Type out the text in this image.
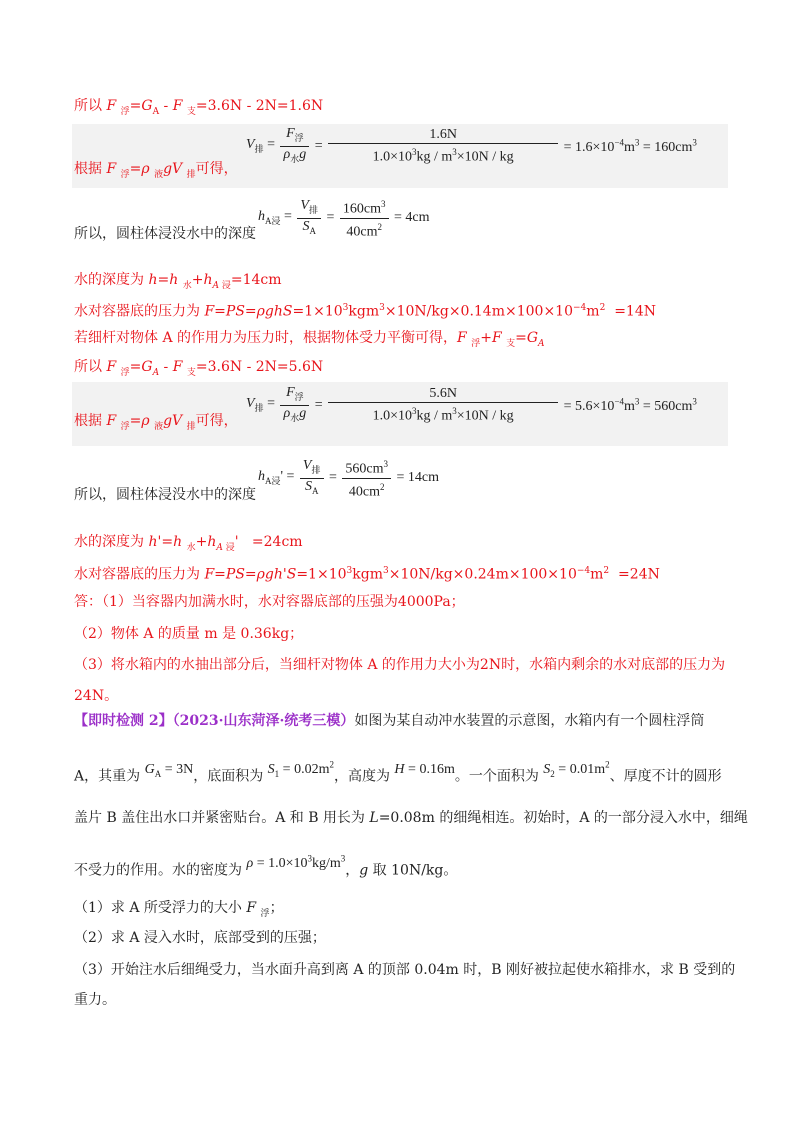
所以 F $_浮=G_A - F$ $_支$=3.6N - 2N=1.6N
根据 F $_浮$=ρ $_液$gV $_排$可得，
$V_排 = \frac{F_浮}{\rho_水g} = \frac{1.6N}{1.0\times 10^3kg / m^3\times 10N / kg} = 1.6\times 10^{-4}m^3 = 160cm^3$
所以，圆柱体浸没水中的深度
$h_{A浸} = \frac{V_排}{S_A} = \frac{160cm^3}{40cm^2} = 4cm$
水的深度为 h=h $_水+h_{A 浸}=14cm$
水对容器底的压力为 $F=PS=\rho ghS=1\times 10^3kgm^3\times 10N/kg\times 0.14m\times 100\times 10^{-4}m^2 =14N$
若细杆对物体 A 的作用力为压力时，根据物体受力平衡可得，F $_浮$+F $_支=G_A$
所以 F $_浮=G_A - F$ $_支$=3.6N - 2N=5.6N
根据 F $_浮$=ρ $_液$gV $_排$可得，
$V_排 = \frac{F_浮}{\rho_水g} = \frac{5.6N}{1.0\times 10^3kg / m^3\times 10N / kg} = 5.6\times 10^{-4}m^3 = 560cm^3$
所以，圆柱体浸没水中的深度
$h_{A浸}' = \frac{V_排}{S_A} = \frac{560cm^3}{40cm^2} = 14cm$
水的深度为 h'=h $_水+h_{A 浸}' =24cm$
水对容器底的压力为 $F=PS=\rho gh'S=1\times 10^3kgm^3\times 10N/kg\times 0.24m\times 100\times 10^{-4}m^2 =24N$
答：（1）当容器内加满水时，水对容器底部的压强为4000Pa；
（2）物体 A 的质量 m 是 0.36kg；
（3）将水箱内的水抽出部分后，当细杆对物体 A 的作用力大小为2N时，水箱内剩余的水对底部的压力为
24N。
【即时检测 2】（2023·山东菏泽·统考三模）如图为某自动冲水装置的示意图，水箱内有一个圆柱浮筒
A，其重为 $G_A = 3N$，底面积为 $S_1 = 0.02m^2$，高度为 H = 0.16m。一个面积为 $S_2 = 0.01m^2$、厚度不计的圆形
盖片 B 盖住出水口并紧密贴台。A 和 B 用长为 L=0.08m 的细绳相连。初始时，A 的一部分浸入水中，细绳
不受力的作用。水的密度为 $\rho = 1.0\times 10^3kg/m^3$，g 取 10N/kg。
（1）求 A 所受浮力的大小 F $_浮$；
（2）求 A 浸入水时，底部受到的压强；
（3）开始注水后细绳受力，当水面升高到离 A 的顶部 0.04m 时，B 刚好被拉起使水箱排水，求 B 受到的
重力。
